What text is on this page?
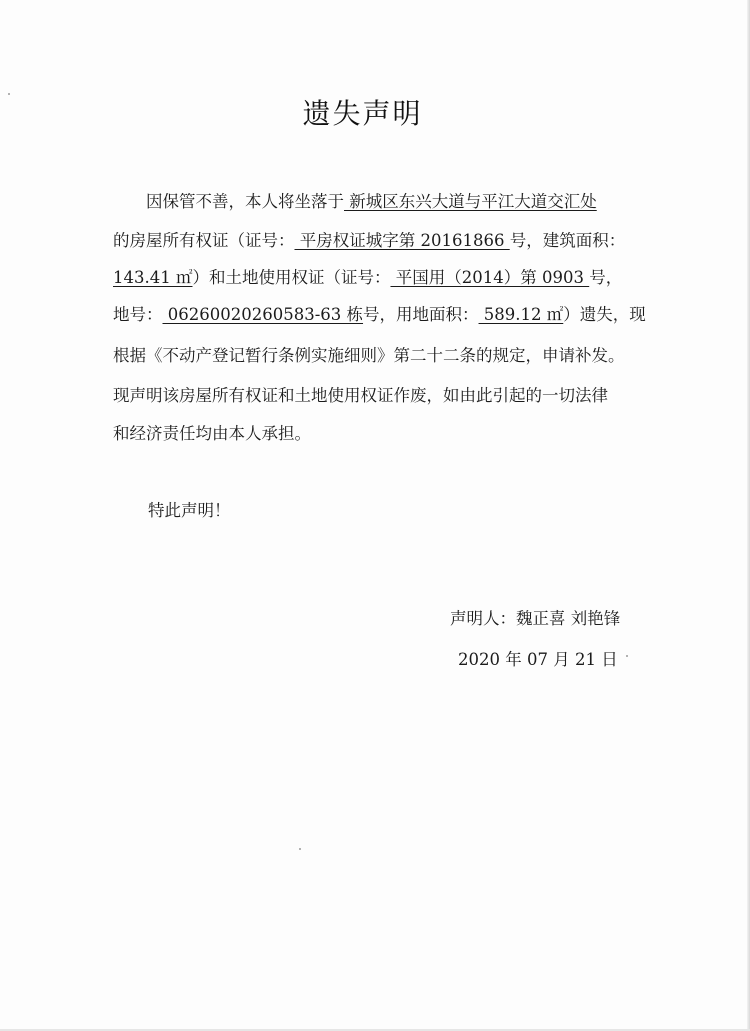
遗失声明
因保管不善，本人将坐落于 新城区东兴大道与平江大道交汇处
的房屋所有权证（证号： 平房权证城字第 20161866 号，建筑面积：
143.41 ㎡）和土地使用权证（证号： 平国用（2014）第 0903 号，
地号： 06260020260583-63 栋号，用地面积： 589.12 ㎡）遗失，现
根据《不动产登记暂行条例实施细则》第二十二条的规定，申请补发。
现声明该房屋所有权证和土地使用权证作废，如由此引起的一切法律
和经济责任均由本人承担。
特此声明！
声明人：魏正喜 刘艳锋
2020 年 07 月 21 日
